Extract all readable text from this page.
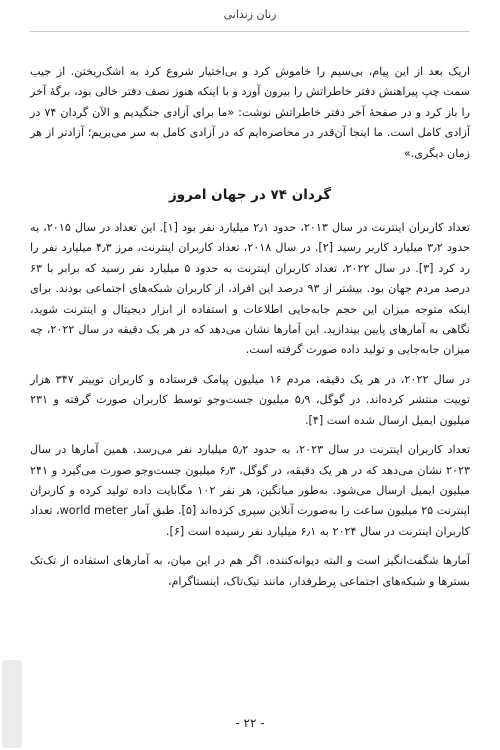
زنان زندانی

اریک بعد از این پیام، بی‌سیم را خاموش کرد و بی‌اختیار شروع کرد به اشک‌ریختن. از جیب سمت چپ پیراهنش دفتر خاطراتش را بیرون آورد و با اینکه هنوز نصف دفتر خالی بود، برگهٔ آخر را باز کرد و در صفحهٔ آخر دفتر خاطراتش نوشت: «ما برای آزادی جنگیدیم و الآن گردان ۷۴ در آزادی کامل است. ما اینجا آن‌قدر در محاصره‌ایم که در آزادی کامل به سر می‌بریم؛ آزادتر از هر زمان دیگری.»

گردان ۷۴ در جهان امروز

تعداد کاربران اینترنت در سال ۲۰۱۳، حدود ۲٫۱ میلیارد نفر بود [۱]. این تعداد در سال ۲۰۱۵، به حدود ۳٫۲ میلیارد کاربر رسید [۲]. در سال ۲۰۱۸، تعداد کاربران اینترنت، مرز ۴٫۳ میلیارد نفر را رد کرد [۳]. در سال ۲۰۲۲، تعداد کاربران اینترنت به حدود ۵ میلیارد نفر رسید که برابر با ۶۳ درصد مردم جهان بود. بیشتر از ۹۳ درصد این افراد، از کاربران شبکه‌های اجتماعی بودند. برای اینکه متوجه میزان این حجم جابه‌جایی اطلاعات و استفاده از ابزار دیجیتال و اینترنت شوید، نگاهی به آمارهای پایین بیندازید. این آمارها نشان می‌دهد که در هر یک دقیقه در سال ۲۰۲۲، چه میزان جابه‌جایی و تولید داده صورت گرفته است.

در سال ۲۰۲۲، در هر یک دقیقه، مردم ۱۶ میلیون پیامک فرستاده و کاربران توییتر ۳۴۷ هزار توییت منتشر کرده‌اند. در گوگل، ۵٫۹ میلیون جست‌وجو توسط کاربران صورت گرفته و ۲۳۱ میلیون ایمیل ارسال شده است [۴].

تعداد کاربران اینترنت در سال ۲۰۲۳، به حدود ۵٫۲ میلیارد نفر می‌رسد. همین آمارها در سال ۲۰۲۳ نشان می‌دهد که در هر یک دقیقه، در گوگل، ۶٫۳ میلیون جست‌وجو صورت می‌گیرد و ۲۴۱ میلیون ایمیل ارسال می‌شود. به‌طور میانگین، هر نفر ۱۰۲ مگابایت داده تولید کرده و کاربران اینترنت ۲۵ میلیون ساعت را به‌صورت آنلاین سپری کرده‌اند [۵]. طبق آمار world meter، تعداد کاربران اینترنت در سال ۲۰۲۴ به ۶٫۱ میلیارد نفر رسیده است [۶].

آمارها شگفت‌انگیز است و البته دیوانه‌کننده. اگر هم در این میان، به آمارهای استفاده از تک‌تک بسترها و شبکه‌های اجتماعی پرطرفدار، مانند تیک‌تاک، اینستاگرام،

- ۲۲ -
